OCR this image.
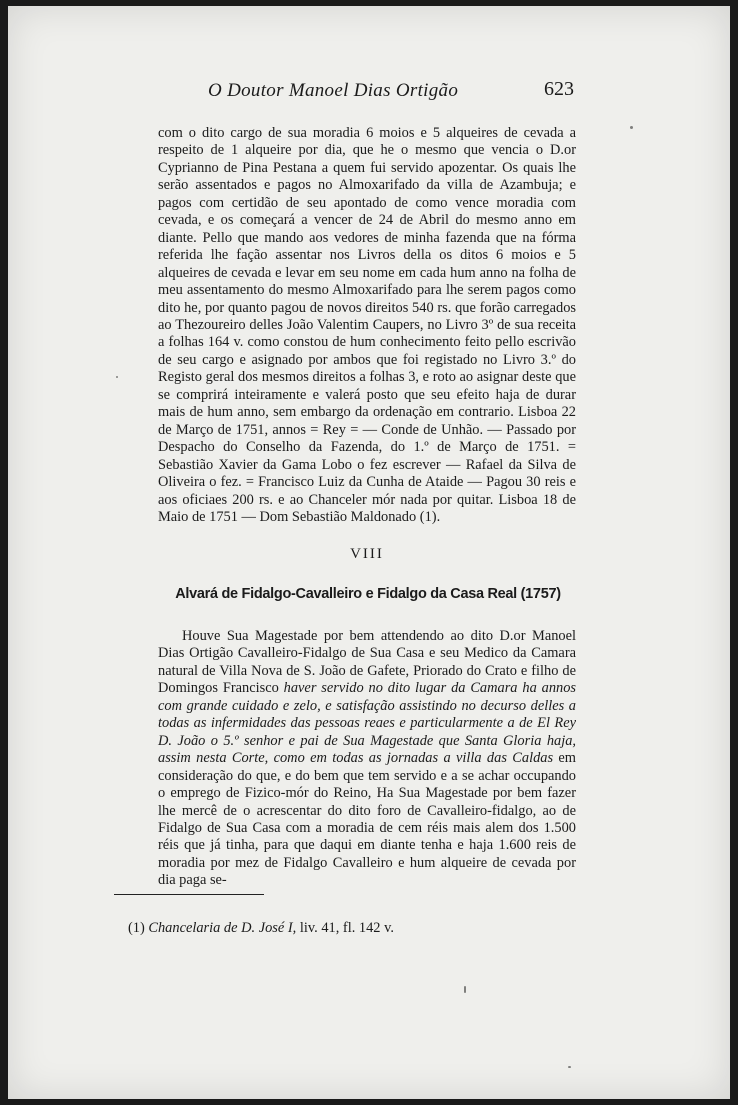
O Doutor Manoel Dias Ortigão	623
com o dito cargo de sua moradia 6 moios e 5 alqueires de cevada a respeito de 1 alqueire por dia, que he o mesmo que vencia o D.or Cyprianno de Pina Pestana a quem fui servido apozentar. Os quais lhe serão assentados e pagos no Almoxarifado da villa de Azambuja; e pagos com certidão de seu apontado de como vence moradia com cevada, e os começará a vencer de 24 de Abril do mesmo anno em diante. Pello que mando aos vedores de minha fazenda que na fórma referida lhe fação assentar nos Livros della os ditos 6 moios e 5 alqueires de cevada e levar em seu nome em cada hum anno na folha de meu assentamento do mesmo Almoxarifado para lhe serem pagos como dito he, por quanto pagou de novos direitos 540 rs. que forão carregados ao Thezoureiro delles João Valentim Caupers, no Livro 3º de sua receita a folhas 164 v. como constou de hum conhecimento feito pello escrivão de seu cargo e asignado por ambos que foi registado no Livro 3.º do Registo geral dos mesmos direitos a folhas 3, e roto ao asignar deste que se comprirá inteiramente e valerá posto que seu efeito haja de durar mais de hum anno, sem embargo da ordenação em contrario. Lisboa 22 de Março de 1751, annos = Rey = — Conde de Unhão. — Passado por Despacho do Conselho da Fazenda, do 1.º de Março de 1751. = Sebastião Xavier da Gama Lobo o fez escrever — Rafael da Silva de Oliveira o fez. = Francisco Luiz da Cunha de Ataide — Pagou 30 reis e aos oficiaes 200 rs. e ao Chanceler mór nada por quitar. Lisboa 18 de Maio de 1751 — Dom Sebastião Maldonado (1).
VIII
Alvará de Fidalgo-Cavalleiro e Fidalgo da Casa Real (1757)
Houve Sua Magestade por bem attendendo ao dito D.or Manoel Dias Ortigão Cavalleiro-Fidalgo de Sua Casa e seu Medico da Camara natural de Villa Nova de S. João de Gafete, Priorado do Crato e filho de Domingos Francisco haver servido no dito lugar da Camara ha annos com grande cuidado e zelo, e satisfação assistindo no decurso delles a todas as infermidades das pessoas reaes e particularmente a de El Rey D. João o 5.º senhor e pai de Sua Magestade que Santa Gloria haja, assim nesta Corte, como em todas as jornadas a villa das Caldas em consideração do que, e do bem que tem servido e a se achar occupando o emprego de Fizico-mór do Reino, Ha Sua Magestade por bem fazer lhe mercê de o acrescentar do dito foro de Cavalleiro-fidalgo, ao de Fidalgo de Sua Casa com a moradia de cem réis mais alem dos 1.500 réis que já tinha, para que daqui em diante tenha e haja 1.600 reis de moradia por mez de Fidalgo Cavalleiro e hum alqueire de cevada por dia paga se-
(1) Chancelaria de D. José I, liv. 41, fl. 142 v.
